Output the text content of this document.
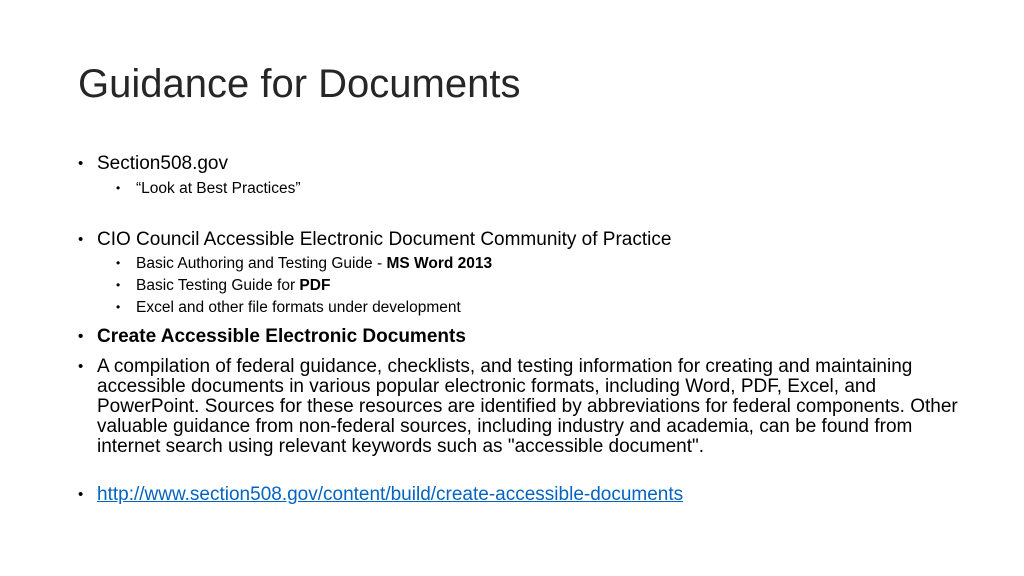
Guidance for Documents
• Section508.gov
• “Look at Best Practices”
• CIO Council Accessible Electronic Document Community of Practice
• Basic Authoring and Testing Guide - MS Word 2013
• Basic Testing Guide for PDF
• Excel and other file formats under development
• Create Accessible Electronic Documents
• A compilation of federal guidance, checklists, and testing information for creating and maintaining accessible documents in various popular electronic formats, including Word, PDF, Excel, and PowerPoint. Sources for these resources are identified by abbreviations for federal components. Other valuable guidance from non-federal sources, including industry and academia, can be found from internet search using relevant keywords such as "accessible document".
• http://www.section508.gov/content/build/create-accessible-documents
